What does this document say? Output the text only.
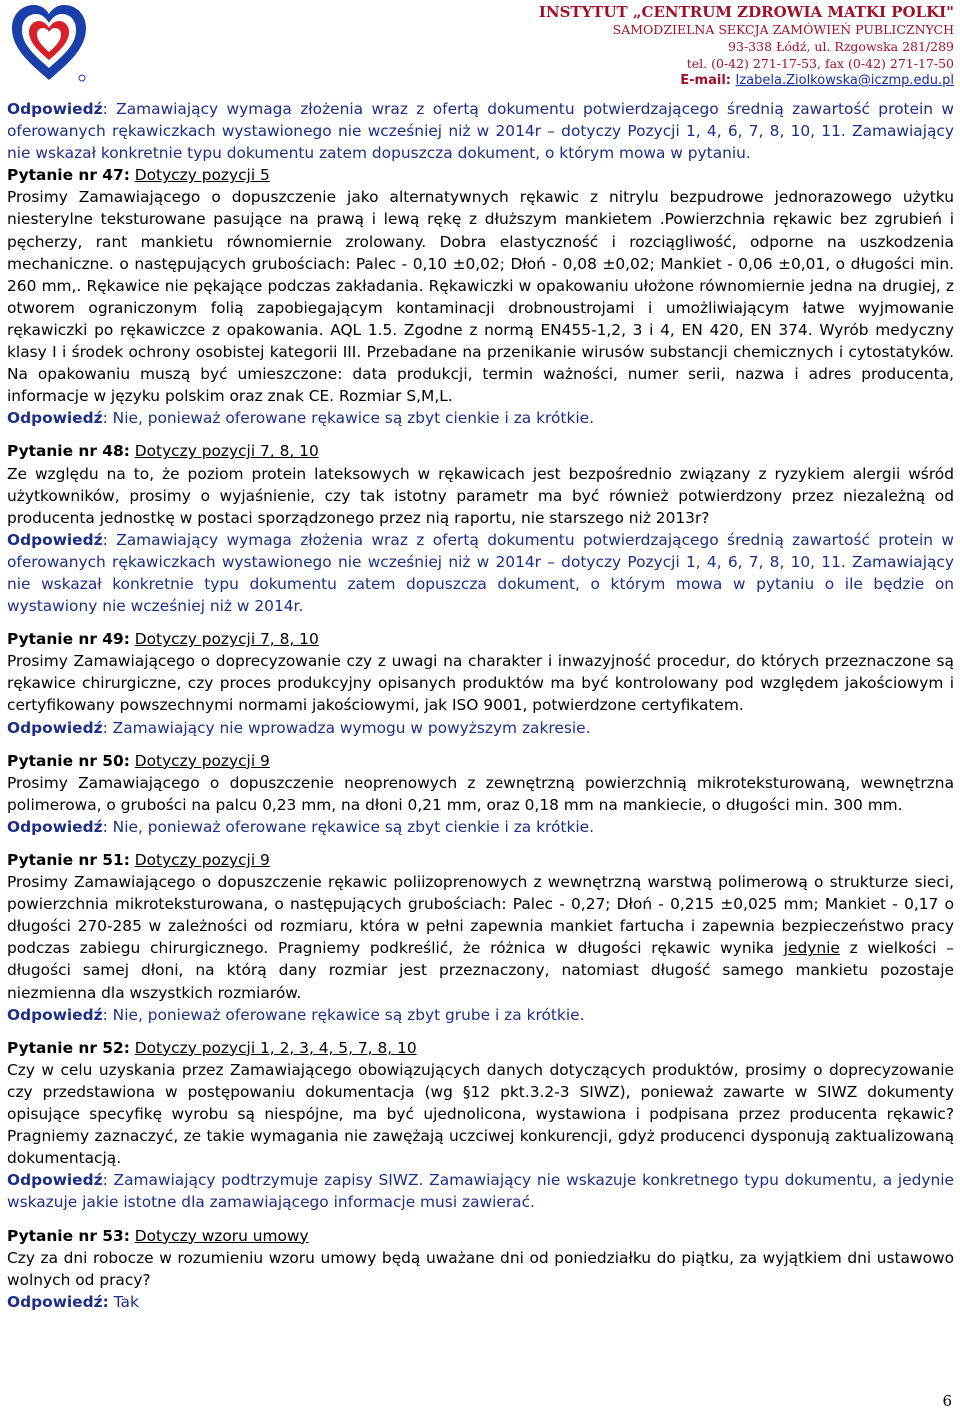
INSTYTUT „CENTRUM ZDROWIA MATKI POLKI"
SAMODZIELNA SEKCJA ZAMÓWIEŃ PUBLICZNYCH
93-338 Łódź, ul. Rzgowska 281/289
tel. (0-42) 271-17-53, fax (0-42) 271-17-50
E-mail: Izabela.Ziolkowska@iczmp.edu.pl

Odpowiedź: Zamawiający wymaga złożenia wraz z ofertą dokumentu potwierdzającego średnią zawartość protein w oferowanych rękawiczkach wystawionego nie wcześniej niż w 2014r – dotyczy Pozycji 1, 4, 6, 7, 8, 10, 11. Zamawiający nie wskazał konkretnie typu dokumentu zatem dopuszcza dokument, o którym mowa w pytaniu.

Pytanie nr 47: Dotyczy pozycji 5

Prosimy Zamawiającego o dopuszczenie jako alternatywnych rękawic z nitrylu bezpudrowe jednorazowego użytku niesterylne teksturowane pasujące na prawą i lewą rękę z dłuższym mankietem .Powierzchnia rękawic bez zgrubień i pęcherzy, rant mankietu równomiernie zrolowany. Dobra elastyczność i rozciągliwość, odporne na uszkodzenia mechaniczne. o następujących grubościach: Palec - 0,10 ±0,02; Dłoń - 0,08 ±0,02; Mankiet - 0,06 ±0,01, o długości min. 260 mm,. Rękawice nie pękające podczas zakładania. Rękawiczki w opakowaniu ułożone równomiernie jedna na drugiej, z otworem ograniczonym folią zapobiegającym kontaminacji drobnoustrojami i umożliwiającym łatwe wyjmowanie rękawiczki po rękawiczce z opakowania. AQL 1.5. Zgodne z normą EN455-1,2, 3 i 4, EN 420, EN 374. Wyrób medyczny klasy I i środek ochrony osobistej kategorii III. Przebadane na przenikanie wirusów substancji chemicznych i cytostatyków. Na opakowaniu muszą być umieszczone: data produkcji, termin ważności, numer serii, nazwa i adres producenta, informacje w języku polskim oraz znak CE. Rozmiar S,M,L.

Odpowiedź: Nie, ponieważ oferowane rękawice są zbyt cienkie i za krótkie.

Pytanie nr 48: Dotyczy pozycji 7, 8, 10

Ze względu na to, że poziom protein lateksowych w rękawicach jest bezpośrednio związany z ryzykiem alergii wśród użytkowników, prosimy o wyjaśnienie, czy tak istotny parametr ma być również potwierdzony przez niezależną od producenta jednostkę w postaci sporządzonego przez nią raportu, nie starszego niż 2013r?

Odpowiedź: Zamawiający wymaga złożenia wraz z ofertą dokumentu potwierdzającego średnią zawartość protein w oferowanych rękawiczkach wystawionego nie wcześniej niż w 2014r – dotyczy Pozycji 1, 4, 6, 7, 8, 10, 11. Zamawiający nie wskazał konkretnie typu dokumentu zatem dopuszcza dokument, o którym mowa w pytaniu o ile będzie on wystawiony nie wcześniej niż w 2014r.

Pytanie nr 49: Dotyczy pozycji 7, 8, 10

Prosimy Zamawiającego o doprecyzowanie czy z uwagi na charakter i inwazyjność procedur, do których przeznaczone są rękawice chirurgiczne, czy proces produkcyjny opisanych produktów ma być kontrolowany pod względem jakościowym i certyfikowany powszechnymi normami jakościowymi, jak ISO 9001, potwierdzone certyfikatem.

Odpowiedź: Zamawiający nie wprowadza wymogu w powyższym zakresie.

Pytanie nr 50: Dotyczy pozycji 9

Prosimy Zamawiającego o dopuszczenie neoprenowych z zewnętrzną powierzchnią mikroteksturowaną, wewnętrzna polimerowa, o grubości na palcu 0,23 mm, na dłoni 0,21 mm, oraz 0,18 mm na mankiecie, o długości min. 300 mm.

Odpowiedź: Nie, ponieważ oferowane rękawice są zbyt cienkie i za krótkie.

Pytanie nr 51: Dotyczy pozycji 9

Prosimy Zamawiającego o dopuszczenie rękawic poliizoprenowych z wewnętrzną warstwą polimerową o strukturze sieci, powierzchnia mikroteksturowana, o następujących grubościach: Palec - 0,27; Dłoń - 0,215 ±0,025 mm; Mankiet - 0,17 o długości 270-285 w zależności od rozmiaru, która w pełni zapewnia mankiet fartucha i zapewnia bezpieczeństwo pracy podczas zabiegu chirurgicznego. Pragniemy podkreślić, że różnica w długości rękawic wynika jedynie z wielkości – długości samej dłoni, na którą dany rozmiar jest przeznaczony, natomiast długość samego mankietu pozostaje niezmienna dla wszystkich rozmiarów.

Odpowiedź: Nie, ponieważ oferowane rękawice są zbyt grube i za krótkie.

Pytanie nr 52: Dotyczy pozycji 1, 2, 3, 4, 5, 7, 8, 10

Czy w celu uzyskania przez Zamawiającego obowiązujących danych dotyczących produktów, prosimy o doprecyzowanie czy przedstawiona w postępowaniu dokumentacja (wg §12 pkt.3.2-3 SIWZ), ponieważ zawarte w SIWZ dokumenty opisujące specyfikę wyrobu są niespójne, ma być ujednolicona, wystawiona i podpisana przez producenta rękawic? Pragniemy zaznaczyć, ze takie wymagania nie zawężają uczciwej konkurencji, gdyż producenci dysponują zaktualizowaną dokumentacją.

Odpowiedź: Zamawiający podtrzymuje zapisy SIWZ. Zamawiający nie wskazuje konkretnego typu dokumentu, a jedynie wskazuje jakie istotne dla zamawiającego informacje musi zawierać.

Pytanie nr 53: Dotyczy wzoru umowy

Czy za dni robocze w rozumieniu wzoru umowy będą uważane dni od poniedziałku do piątku, za wyjątkiem dni ustawowo wolnych od pracy?

Odpowiedź: Tak

6
